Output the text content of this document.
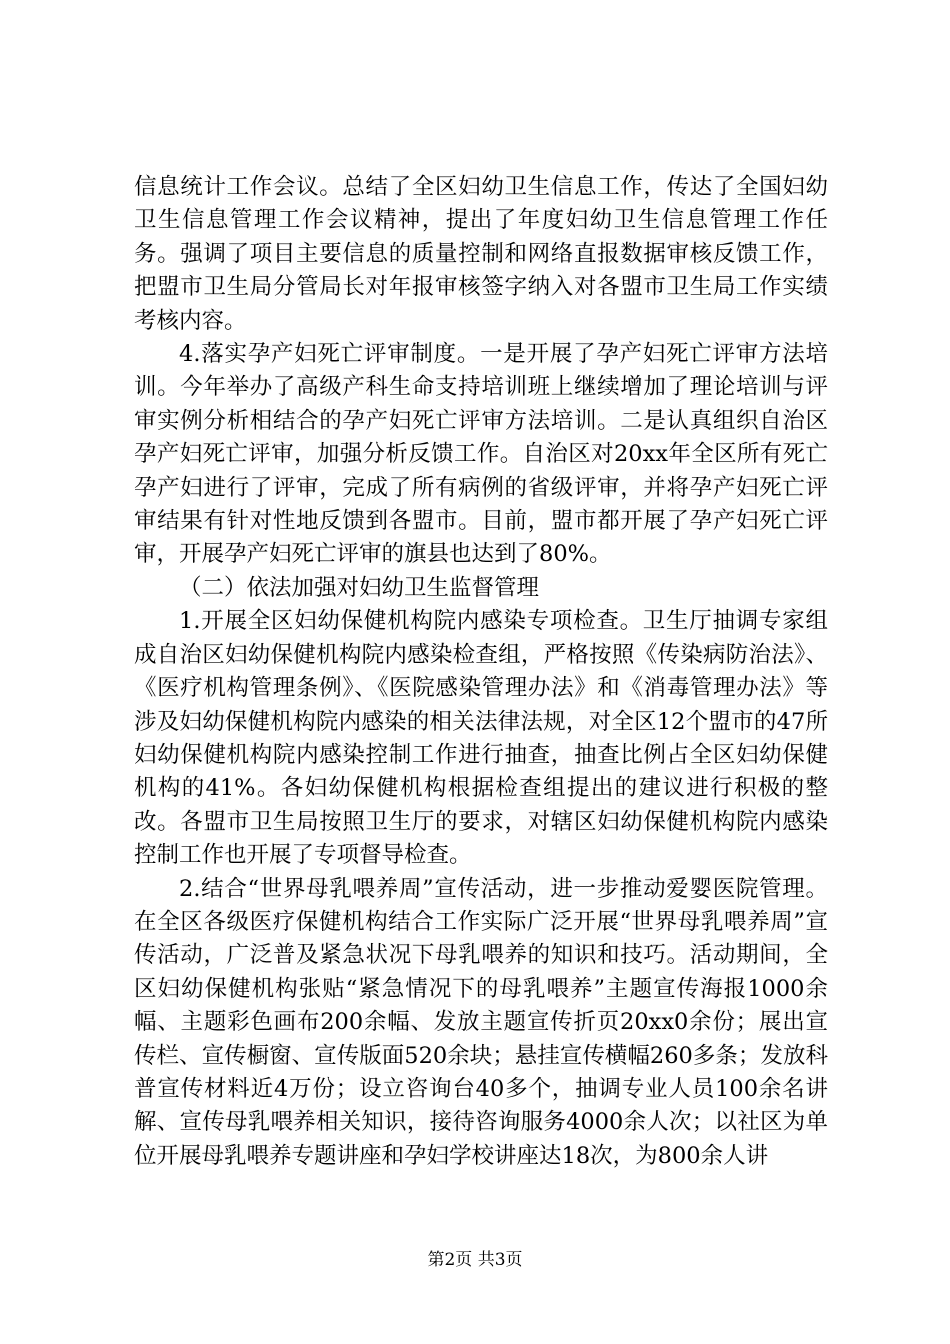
信息统计工作会议。总结了全区妇幼卫生信息工作，传达了全国妇幼卫生信息管理工作会议精神，提出了年度妇幼卫生信息管理工作任务。强调了项目主要信息的质量控制和网络直报数据审核反馈工作，把盟市卫生局分管局长对年报审核签字纳入对各盟市卫生局工作实绩考核内容。

4.落实孕产妇死亡评审制度。一是开展了孕产妇死亡评审方法培训。今年举办了高级产科生命支持培训班上继续增加了理论培训与评审实例分析相结合的孕产妇死亡评审方法培训。二是认真组织自治区孕产妇死亡评审，加强分析反馈工作。自治区对20xx年全区所有死亡孕产妇进行了评审，完成了所有病例的省级评审，并将孕产妇死亡评审结果有针对性地反馈到各盟市。目前，盟市都开展了孕产妇死亡评审，开展孕产妇死亡评审的旗县也达到了80%。

（二）依法加强对妇幼卫生监督管理

1.开展全区妇幼保健机构院内感染专项检查。卫生厅抽调专家组成自治区妇幼保健机构院内感染检查组，严格按照《传染病防治法》、《医疗机构管理条例》、《医院感染管理办法》和《消毒管理办法》等涉及妇幼保健机构院内感染的相关法律法规，对全区12个盟市的47所妇幼保健机构院内感染控制工作进行抽查，抽查比例占全区妇幼保健机构的41%。各妇幼保健机构根据检查组提出的建议进行积极的整改。各盟市卫生局按照卫生厅的要求，对辖区妇幼保健机构院内感染控制工作也开展了专项督导检查。

2.结合“世界母乳喂养周”宣传活动，进一步推动爱婴医院管理。在全区各级医疗保健机构结合工作实际广泛开展“世界母乳喂养周”宣传活动，广泛普及紧急状况下母乳喂养的知识和技巧。活动期间，全区妇幼保健机构张贴“紧急情况下的母乳喂养”主题宣传海报1000余幅、主题彩色画布200余幅、发放主题宣传折页20xx0余份；展出宣传栏、宣传橱窗、宣传版面520余块；悬挂宣传横幅260多条；发放科普宣传材料近4万份；设立咨询台40多个，抽调专业人员100余名讲解、宣传母乳喂养相关知识，接待咨询服务4000余人次；以社区为单位开展母乳喂养专题讲座和孕妇学校讲座达18次，为800余人讲

第2页 共3页
